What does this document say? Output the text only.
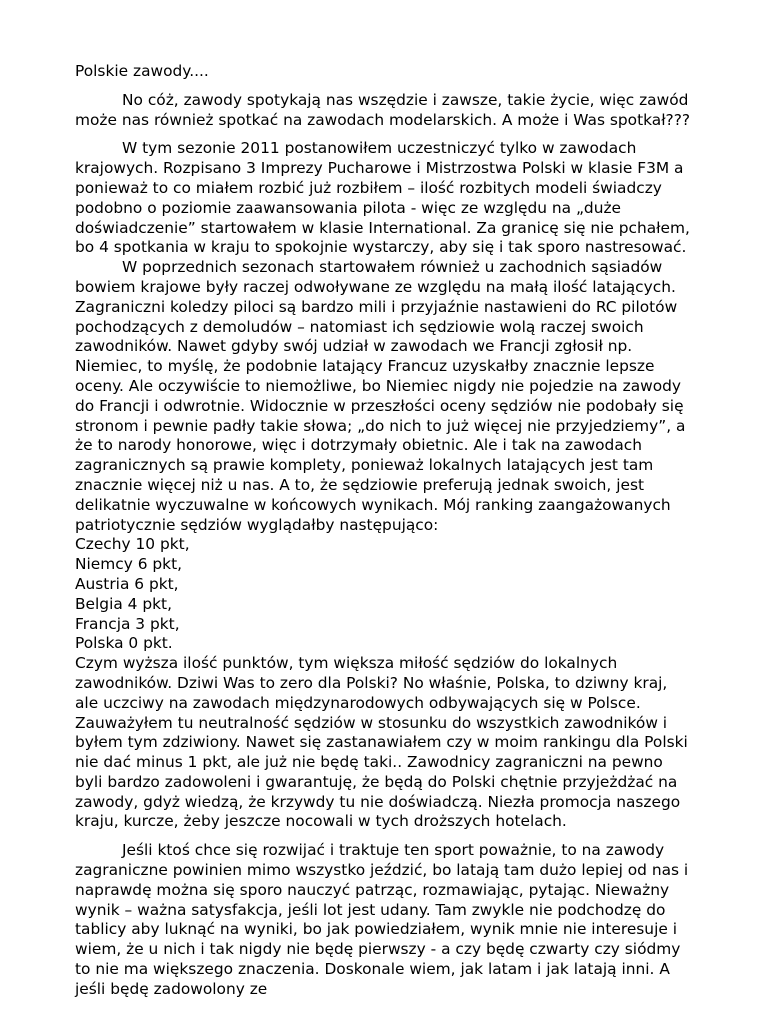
Polskie zawody....

No cóż, zawody spotykają nas wszędzie i zawsze, takie życie, więc zawód może nas również spotkać na zawodach modelarskich. A może i Was spotkał???

W tym sezonie 2011 postanowiłem uczestniczyć tylko w zawodach krajowych. Rozpisano 3 Imprezy Pucharowe i Mistrzostwa Polski w klasie F3M a ponieważ to co miałem rozbić już rozbiłem – ilość rozbitych modeli świadczy podobno o poziomie zaawansowania pilota - więc ze względu na „duże doświadczenie” startowałem w klasie International. Za granicę się nie pchałem, bo 4 spotkania w kraju to spokojnie wystarczy, aby się i tak sporo nastresować.

W poprzednich sezonach startowałem również u zachodnich sąsiadów bowiem krajowe były raczej odwoływane ze względu na małą ilość latających. Zagraniczni koledzy piloci są bardzo mili i przyjaźnie nastawieni do RC pilotów pochodzących z demoludów – natomiast ich sędziowie wolą raczej swoich zawodników. Nawet gdyby swój udział w zawodach we Francji zgłosił np. Niemiec, to myślę, że podobnie latający Francuz uzyskałby znacznie lepsze oceny. Ale oczywiście to niemożliwe, bo Niemiec nigdy nie pojedzie na zawody do Francji i odwrotnie. Widocznie w przeszłości oceny sędziów nie podobały się stronom i pewnie padły takie słowa; „do nich to już więcej nie przyjedziemy”, a że to narody honorowe, więc i dotrzymały obietnic. Ale i tak na zawodach zagranicznych są prawie komplety, ponieważ lokalnych latających jest tam znacznie więcej niż u nas. A to, że sędziowie preferują jednak swoich, jest delikatnie wyczuwalne w końcowych wynikach. Mój ranking zaangażowanych patriotycznie sędziów wyglądałby następująco:

Czechy 10 pkt,
Niemcy 6 pkt,
Austria 6 pkt,
Belgia 4 pkt,
Francja 3 pkt,
Polska 0 pkt.

Czym wyższa ilość punktów, tym większa miłość sędziów do lokalnych zawodników. Dziwi Was to zero dla Polski? No właśnie, Polska, to dziwny kraj, ale uczciwy na zawodach międzynarodowych odbywających się w Polsce. Zauważyłem tu neutralność sędziów w stosunku do wszystkich zawodników i byłem tym zdziwiony. Nawet się zastanawiałem czy w moim rankingu dla Polski nie dać minus 1 pkt, ale już nie będę taki.. Zawodnicy zagraniczni na pewno byli bardzo zadowoleni i gwarantuję, że będą do Polski chętnie przyjeżdżać na zawody, gdyż wiedzą, że krzywdy tu nie doświadczą. Niezła promocja naszego kraju, kurcze, żeby jeszcze nocowali w tych droższych hotelach.

Jeśli ktoś chce się rozwijać i traktuje ten sport poważnie, to na zawody zagraniczne powinien mimo wszystko jeździć, bo latają tam dużo lepiej od nas i naprawdę można się sporo nauczyć patrząc, rozmawiając, pytając. Nieważny wynik – ważna satysfakcja, jeśli lot jest udany. Tam zwykle nie podchodzę do tablicy aby luknąć na wyniki, bo jak powiedziałem, wynik mnie nie interesuje i wiem, że u nich i tak nigdy nie będę pierwszy - a czy będę czwarty czy siódmy to nie ma większego znaczenia. Doskonale wiem, jak latam i jak latają inni. A jeśli będę zadowolony ze
